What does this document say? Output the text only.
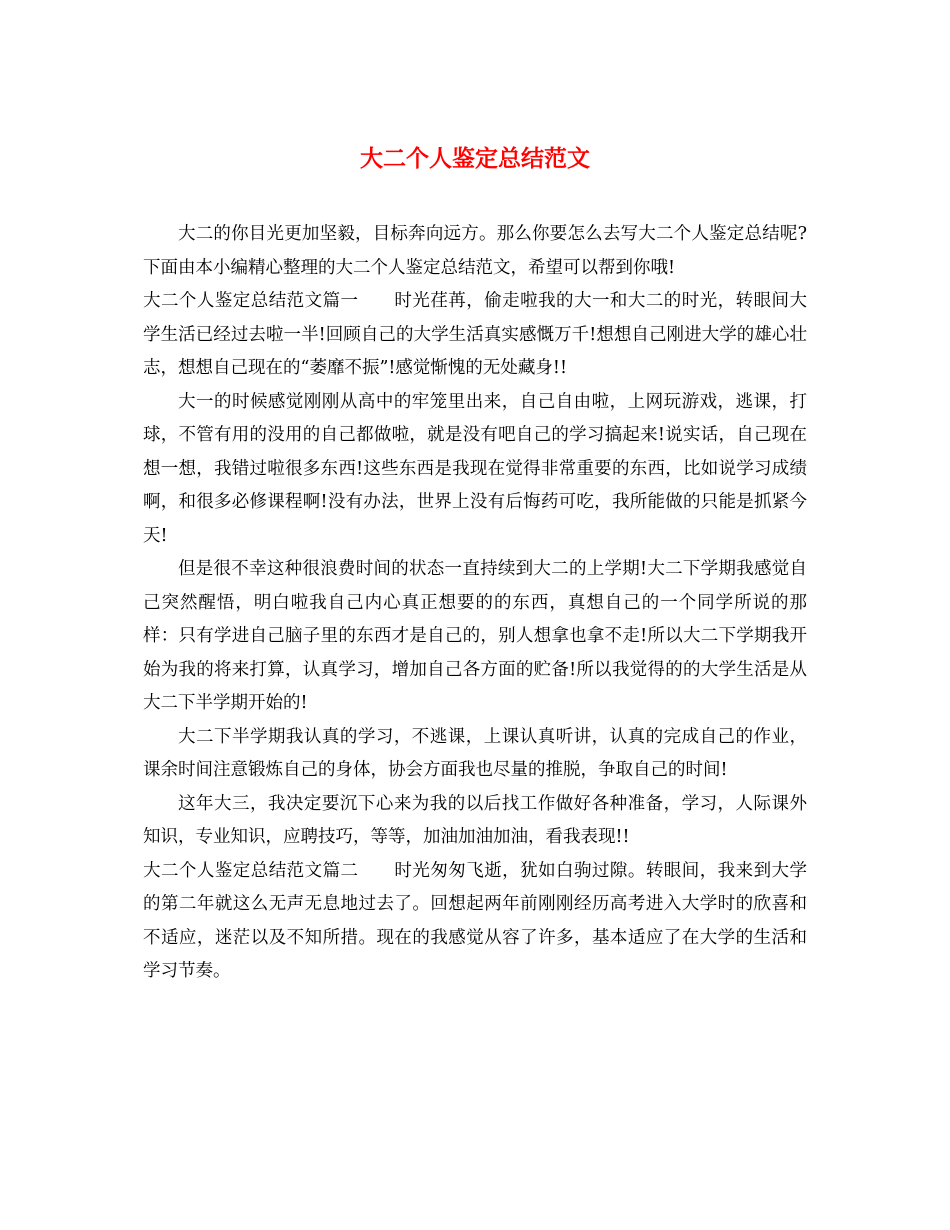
大二个人鉴定总结范文

大二的你目光更加坚毅，目标奔向远方。那么你要怎么去写大二个人鉴定总结呢?下面由本小编精心整理的大二个人鉴定总结范文，希望可以帮到你哦!

大二个人鉴定总结范文篇一　　时光荏苒，偷走啦我的大一和大二的时光，转眼间大学生活已经过去啦一半!回顾自己的大学生活真实感慨万千!想想自己刚进大学的雄心壮志，想想自己现在的“萎靡不振”!感觉惭愧的无处藏身!!

大一的时候感觉刚刚从高中的牢笼里出来，自己自由啦，上网玩游戏，逃课，打球，不管有用的没用的自己都做啦，就是没有吧自己的学习搞起来!说实话，自己现在想一想，我错过啦很多东西!这些东西是我现在觉得非常重要的东西，比如说学习成绩啊，和很多必修课程啊!没有办法，世界上没有后悔药可吃，我所能做的只能是抓紧今天!

但是很不幸这种很浪费时间的状态一直持续到大二的上学期!大二下学期我感觉自己突然醒悟，明白啦我自己内心真正想要的的东西，真想自己的一个同学所说的那样：只有学进自己脑子里的东西才是自己的，别人想拿也拿不走!所以大二下学期我开始为我的将来打算，认真学习，增加自己各方面的贮备!所以我觉得的的大学生活是从大二下半学期开始的!

大二下半学期我认真的学习，不逃课，上课认真听讲，认真的完成自己的作业，课余时间注意锻炼自己的身体，协会方面我也尽量的推脱，争取自己的时间!

这年大三，我决定要沉下心来为我的以后找工作做好各种准备，学习，人际课外知识，专业知识，应聘技巧，等等，加油加油加油，看我表现!!

大二个人鉴定总结范文篇二　　时光匆匆飞逝，犹如白驹过隙。转眼间，我来到大学的第二年就这么无声无息地过去了。回想起两年前刚刚经历高考进入大学时的欣喜和不适应，迷茫以及不知所措。现在的我感觉从容了许多，基本适应了在大学的生活和学习节奏。
